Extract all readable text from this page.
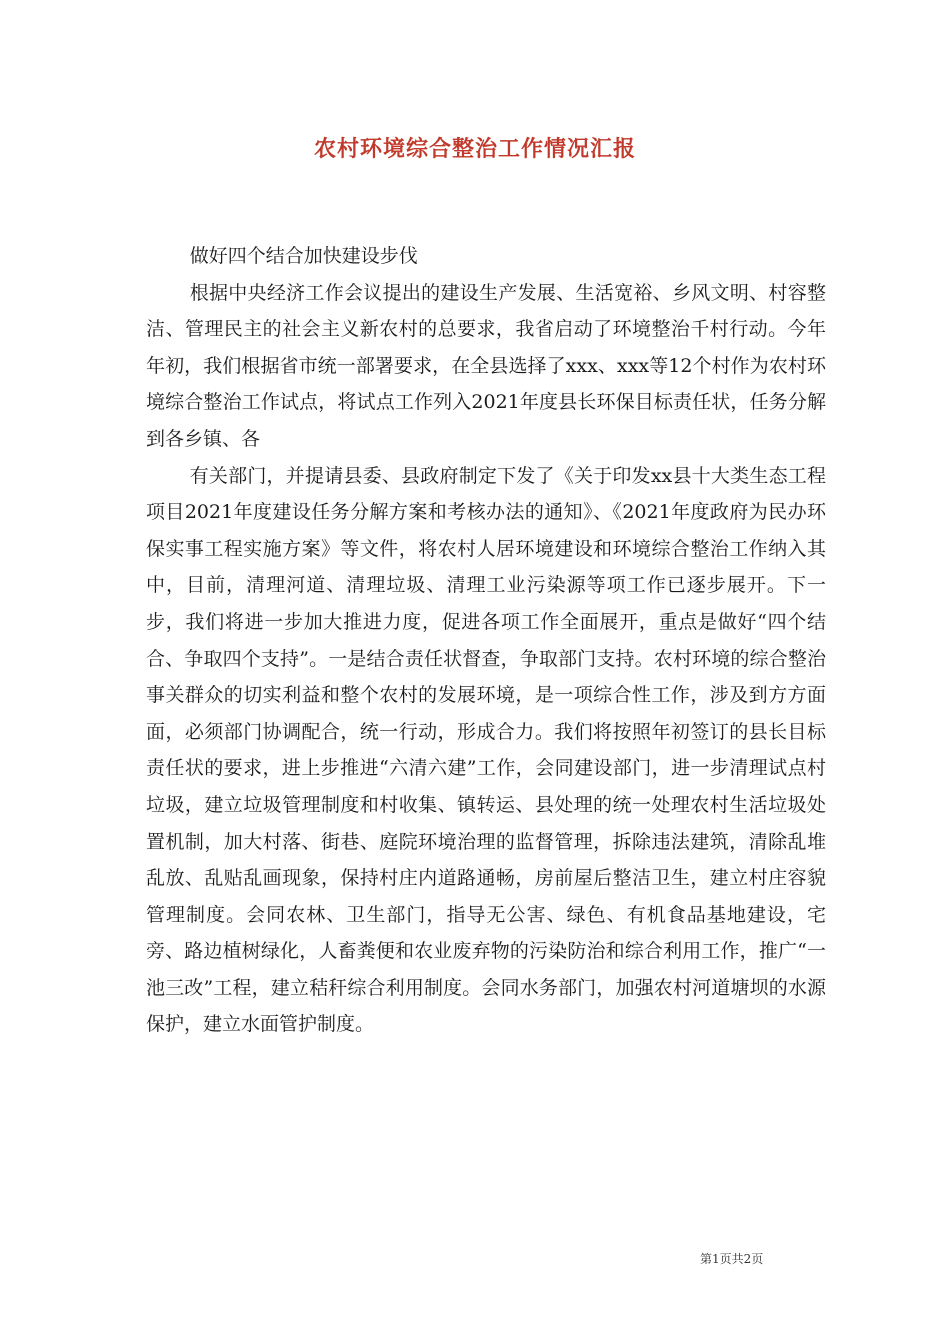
农村环境综合整治工作情况汇报

做好四个结合加快建设步伐

根据中央经济工作会议提出的建设生产发展、生活宽裕、乡风文明、村容整洁、管理民主的社会主义新农村的总要求，我省启动了环境整治千村行动。今年年初，我们根据省市统一部署要求，在全县选择了xxx、xxx等12个村作为农村环境综合整治工作试点，将试点工作列入2021年度县长环保目标责任状，任务分解到各乡镇、各

有关部门，并提请县委、县政府制定下发了《关于印发xx县十大类生态工程项目2021年度建设任务分解方案和考核办法的通知》、《2021年度政府为民办环保实事工程实施方案》等文件，将农村人居环境建设和环境综合整治工作纳入其中，目前，清理河道、清理垃圾、清理工业污染源等项工作已逐步展开。下一步，我们将进一步加大推进力度，促进各项工作全面展开，重点是做好“四个结合、争取四个支持”。一是结合责任状督查，争取部门支持。农村环境的综合整治事关群众的切实利益和整个农村的发展环境，是一项综合性工作，涉及到方方面面，必须部门协调配合，统一行动，形成合力。我们将按照年初签订的县长目标责任状的要求，进上步推进“六清六建”工作，会同建设部门，进一步清理试点村垃圾，建立垃圾管理制度和村收集、镇转运、县处理的统一处理农村生活垃圾处置机制，加大村落、街巷、庭院环境治理的监督管理，拆除违法建筑，清除乱堆乱放、乱贴乱画现象，保持村庄内道路通畅，房前屋后整洁卫生，建立村庄容貌管理制度。会同农林、卫生部门，指导无公害、绿色、有机食品基地建设，宅旁、路边植树绿化，人畜粪便和农业废弃物的污染防治和综合利用工作，推广“一池三改”工程，建立秸秆综合利用制度。会同水务部门，加强农村河道塘坝的水源保护，建立水面管护制度。

第1页共2页
